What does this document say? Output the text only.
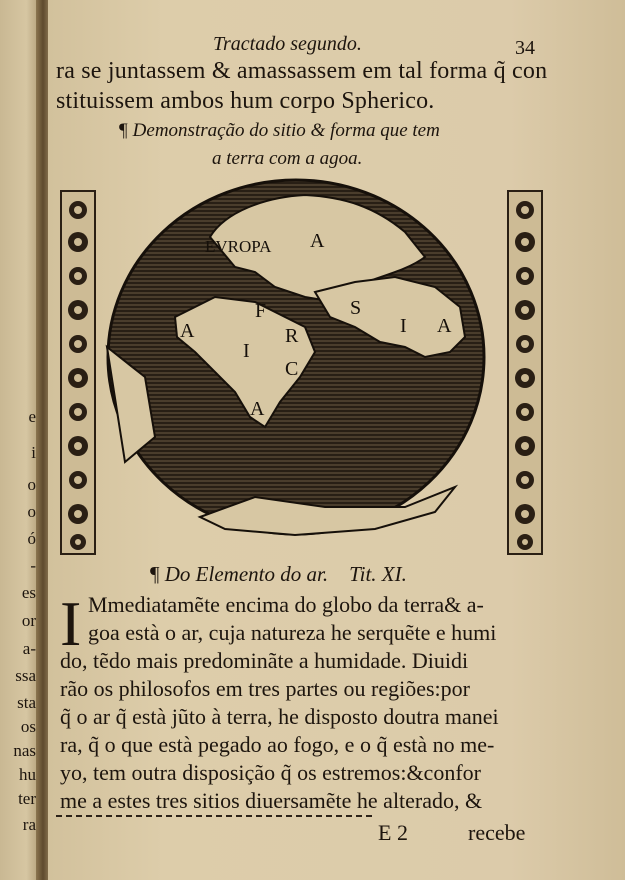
e
i
o
o
ó
-
es
or
a-
ssa
sta
os
nas
hu
ter
ra
Tractado segundo.	34
ra se juntassem & amassassem em tal forma q̃ con
stituissem ambos hum corpo Spherico.
¶ Demonstração do sitio & forma que tem
a terra com a agoa.
EVROPA A
A
F
R
I
C
A
S
I A
¶ Do Elemento do ar. Tit. XI.
I Mmediatamẽte encima do globo da terra& a-
goa està o ar, cuja natureza he serquẽte e humi
do, tẽdo mais predominãte a humidade. Diuidi
rão os philosofos em tres partes ou regiões:por
q̃ o ar q̃ està jũto à terra, he disposto doutra manei
ra, q̃ o que està pegado ao fogo, e o q̃ està no me-
yo, tem outra disposição q̃ os estremos:&confor
me a estes tres sitios diuersamẽte he alterado, &
E 2	recebe
